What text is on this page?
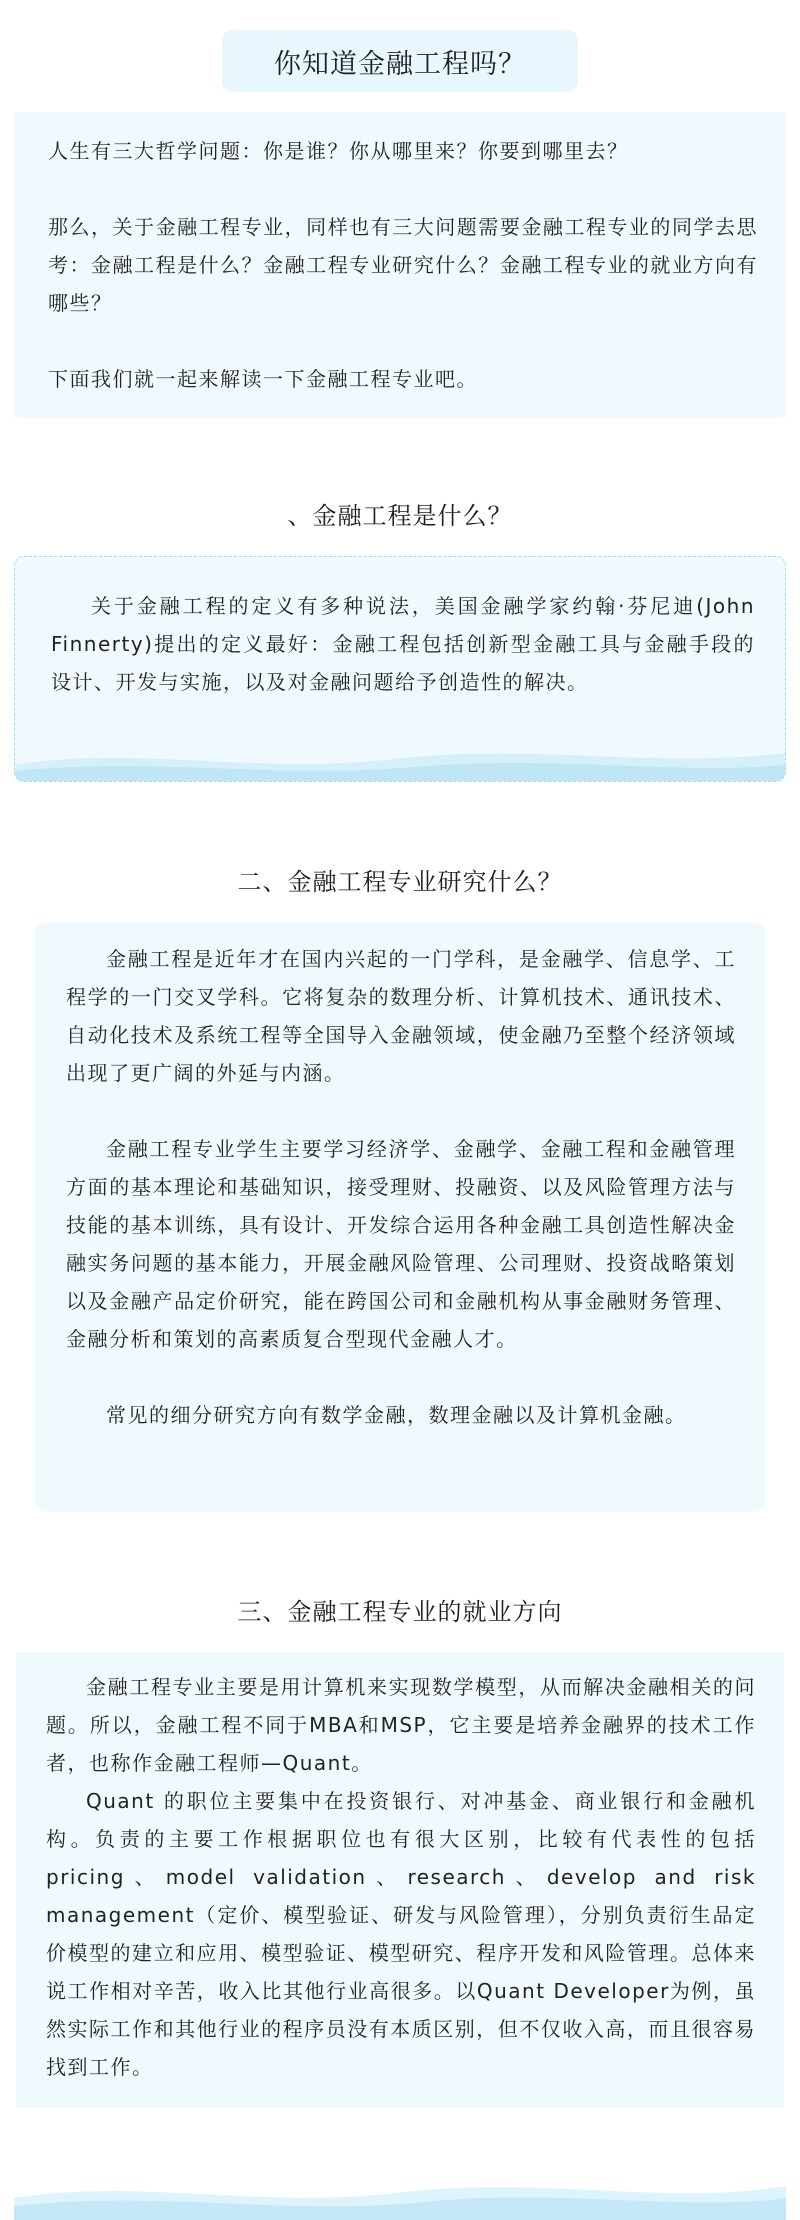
你知道金融工程吗？

人生有三大哲学问题：你是谁？你从哪里来？你要到哪里去？

那么，关于金融工程专业，同样也有三大问题需要金融工程专业的同学去思考：金融工程是什么？金融工程专业研究什么？金融工程专业的就业方向有哪些？

下面我们就一起来解读一下金融工程专业吧。

、金融工程是什么？

关于金融工程的定义有多种说法，美国金融学家约翰·芬尼迪(John Finnerty)提出的定义最好：金融工程包括创新型金融工具与金融手段的设计、开发与实施，以及对金融问题给予创造性的解决。

二、金融工程专业研究什么？

金融工程是近年才在国内兴起的一门学科，是金融学、信息学、工程学的一门交叉学科。它将复杂的数理分析、计算机技术、通讯技术、自动化技术及系统工程等全国导入金融领域，使金融乃至整个经济领域出现了更广阔的外延与内涵。

金融工程专业学生主要学习经济学、金融学、金融工程和金融管理方面的基本理论和基础知识，接受理财、投融资、以及风险管理方法与技能的基本训练，具有设计、开发综合运用各种金融工具创造性解决金融实务问题的基本能力，开展金融风险管理、公司理财、投资战略策划以及金融产品定价研究，能在跨国公司和金融机构从事金融财务管理、金融分析和策划的高素质复合型现代金融人才。

常见的细分研究方向有数学金融，数理金融以及计算机金融。

三、金融工程专业的就业方向

金融工程专业主要是用计算机来实现数学模型，从而解决金融相关的问题。所以，金融工程不同于MBA和MSP，它主要是培养金融界的技术工作者，也称作金融工程师—Quant。

Quant 的职位主要集中在投资银行、对冲基金、商业银行和金融机构。负责的主要工作根据职位也有很大区别，比较有代表性的包括pricing、model validation、research、develop and risk management（定价、模型验证、研发与风险管理），分别负责衍生品定价模型的建立和应用、模型验证、模型研究、程序开发和风险管理。总体来说工作相对辛苦，收入比其他行业高很多。以Quant Developer为例，虽然实际工作和其他行业的程序员没有本质区别，但不仅收入高，而且很容易找到工作。
